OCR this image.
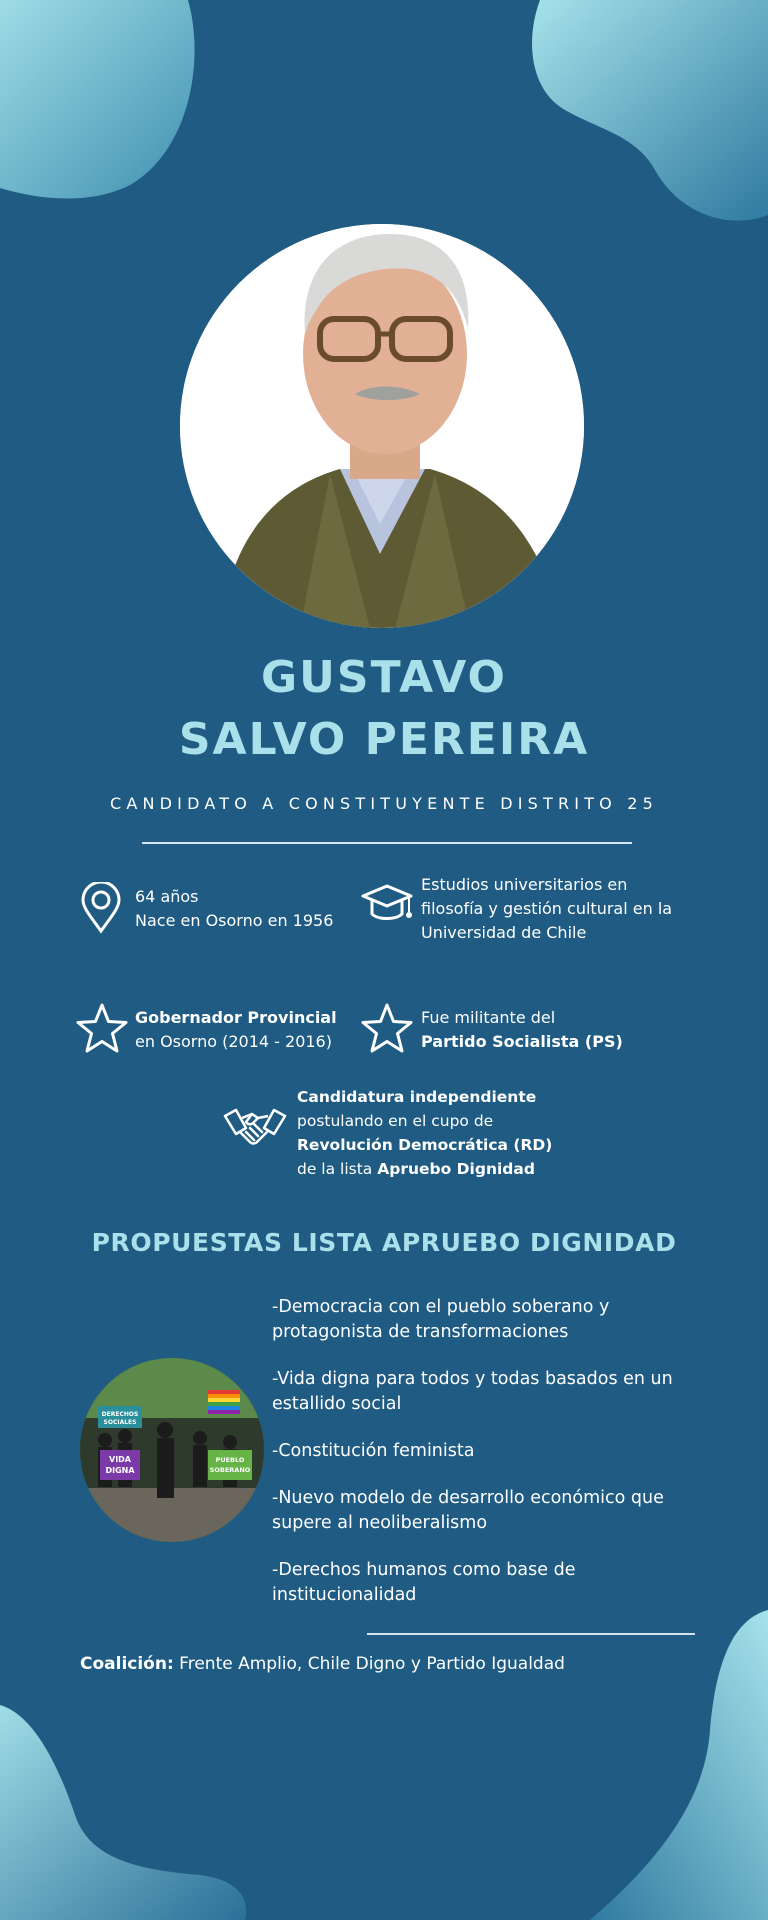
GUSTAVO
SALVO PEREIRA
CANDIDATO A CONSTITUYENTE DISTRITO 25
64 años
Nace en Osorno en 1956
Estudios universitarios en
filosofía y gestión cultural en la
Universidad de Chile
Gobernador Provincial
en Osorno (2014 - 2016)
Fue militante del
Partido Socialista (PS)
Candidatura independiente
postulando en el cupo de
Revolución Democrática (RD)
de la lista Apruebo Dignidad
PROPUESTAS LISTA APRUEBO DIGNIDAD
DERECHOS
SOCIALES
VIDA
DIGNA
PUEBLO
SOBERANO

-Democracia con el pueblo soberano y protagonista de transformaciones

-Vida digna para todos y todas basados en un estallido social

-Constitución feminista

-Nuevo modelo de desarrollo económico que supere al neoliberalismo

-Derechos humanos como base de institucionalidad

Coalición: Frente Amplio, Chile Digno y Partido Igualdad
